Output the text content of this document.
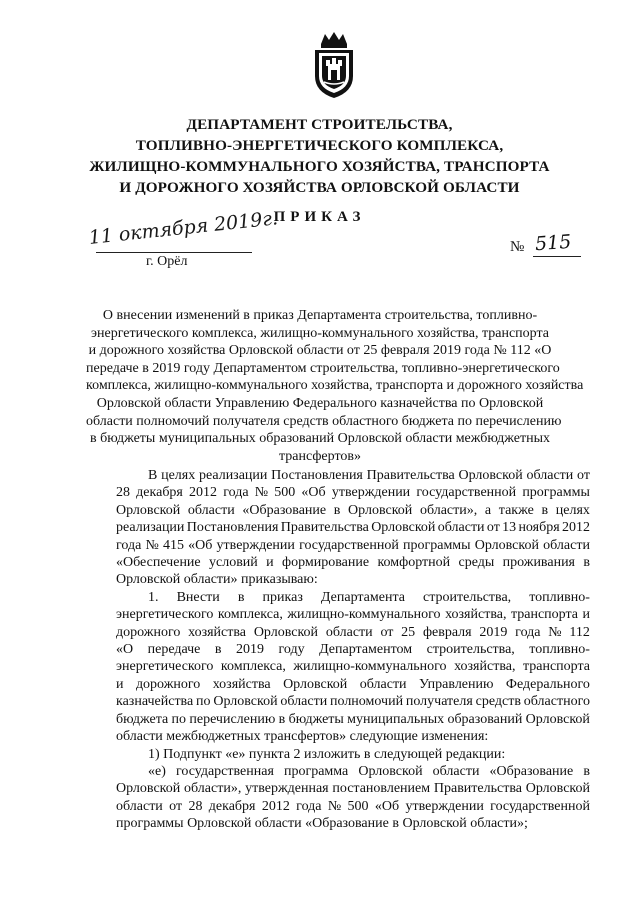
ДЕПАРТАМЕНТ СТРОИТЕЛЬСТВА,
ТОПЛИВНО-ЭНЕРГЕТИЧЕСКОГО КОМПЛЕКСА,
ЖИЛИЩНО-КОММУНАЛЬНОГО ХОЗЯЙСТВА, ТРАНСПОРТА
И ДОРОЖНОГО ХОЗЯЙСТВА ОРЛОВСКОЙ ОБЛАСТИ
ПРИКАЗ
11 октября 2019г.
г. Орёл
№ 515
О внесении изменений в приказ Департамента строительства, топливно-
энергетического комплекса, жилищно-коммунального хозяйства, транспорта
и дорожного хозяйства Орловской области от 25 февраля 2019 года № 112 «О
передаче в 2019 году Департаментом строительства, топливно-энергетического
комплекса, жилищно-коммунального хозяйства, транспорта и дорожного хозяйства
Орловской области Управлению Федерального казначейства по Орловской
области полномочий получателя средств областного бюджета по перечислению
в бюджеты муниципальных образований Орловской области межбюджетных
трансфертов»
В целях реализации Постановления Правительства Орловской области от
28 декабря 2012 года № 500 «Об утверждении государственной программы
Орловской области «Образование в Орловской области», а также в целях
реализации Постановления Правительства Орловской области от 13 ноября 2012
года № 415 «Об утверждении государственной программы Орловской области
«Обеспечение условий и формирование комфортной среды проживания в
Орловской области» приказываю:
1. Внести в приказ Департамента строительства, топливно-
энергетического комплекса, жилищно-коммунального хозяйства, транспорта и
дорожного хозяйства Орловской области от 25 февраля 2019 года № 112
«О передаче в 2019 году Департаментом строительства, топливно-
энергетического комплекса, жилищно-коммунального хозяйства, транспорта
и дорожного хозяйства Орловской области Управлению Федерального
казначейства по Орловской области полномочий получателя средств областного
бюджета по перечислению в бюджеты муниципальных образований Орловской
области межбюджетных трансфертов» следующие изменения:
1) Подпункт «е» пункта 2 изложить в следующей редакции:
«е) государственная программа Орловской области «Образование в
Орловской области», утвержденная постановлением Правительства Орловской
области от 28 декабря 2012 года № 500 «Об утверждении государственной
программы Орловской области «Образование в Орловской области»;
